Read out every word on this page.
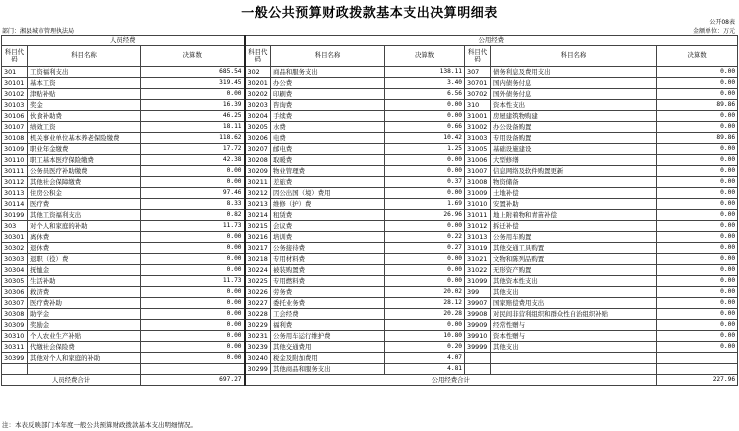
一般公共预算财政拨款基本支出决算明细表
公开08表
部门：湘县城市管理执法局	金额单位：万元
人员经费			公用经费					
科目代码	科目名称	决算数	科目代码	科目名称	决算数	科目代码	科目名称	决算数
301	工资福利支出	685.54	302	商品和服务支出	138.11	307	债务利息及费用支出	0.00
30101	基本工资	319.45	30201	办公费	3.40	30701	国内债务付息	0.00
30102	津贴补贴	0.00	30202	印刷费	6.56	30702	国外债务付息	0.00
30103	奖金	16.39	30203	咨询费	0.00	310	资本性支出	89.86
30106	伙食补助费	46.25	30204	手续费	0.00	31001	房屋建筑物购建	0.00
30107	绩效工资	18.11	30205	水费	0.66	31002	办公设备购置	0.00
30108	机关事业单位基本养老保险缴费	118.62	30206	电费	10.42	31003	专用设备购置	89.86
30109	职业年金缴费	17.72	30207	邮电费	1.25	31005	基础设施建设	0.00
30110	职工基本医疗保险缴费	42.38	30208	取暖费	0.00	31006	大型修缮	0.00
30111	公务员医疗补助缴费	0.00	30209	物业管理费	0.00	31007	信息网络及软件购置更新	0.00
30112	其他社会保障缴费	0.00	30211	差旅费	0.37	31008	物资储备	0.00
30113	住房公积金	97.46	30212	因公出国（境）费用	0.00	31009	土地补偿	0.00
30114	医疗费	8.33	30213	维修（护）费	1.69	31010	安置补助	0.00
30199	其他工资福利支出	0.82	30214	租赁费	26.96	31011	地上附着物和青苗补偿	0.00
303	对个人和家庭的补助	11.73	30215	会议费	0.00	31012	拆迁补偿	0.00
30301	离休费	0.00	30216	培训费	0.22	31013	公务用车购置	0.00
30302	退休费	0.00	30217	公务接待费	0.27	31019	其他交通工具购置	0.00
30303	退职（役）费	0.00	30218	专用材料费	0.00	31021	文物和陈列品购置	0.00
30304	抚恤金	0.00	30224	被装购置费	0.00	31022	无形资产购置	0.00
30305	生活补助	11.73	30225	专用燃料费	0.00	31099	其他资本性支出	0.00
30306	救济费	0.00	30226	劳务费	20.02	399	其他支出	0.00
30307	医疗费补助	0.00	30227	委托业务费	28.12	39907	国家赔偿费用支出	0.00
30308	助学金	0.00	30228	工会经费	20.28	39908	对民间非营利组织和群众性自治组织补贴	0.00
30309	奖励金	0.00	30229	福利费	0.00	39909	经常性赠与	0.00
30310	个人农业生产补贴	0.00	30231	公务用车运行维护费	10.80	39910	资本性赠与	0.00
30311	代缴社会保险费	0.00	30239	其他交通费用	0.20	39999	其他支出	0.00
30399	其他对个人和家庭的补助	0.00	30240	税金及附加费用	4.07			
			30299	其他商品和服务支出	4.81			
人员经费合计		697.27	公用经费合计					227.96
注：本表反映部门本年度一般公共预算财政拨款基本支出明细情况。
